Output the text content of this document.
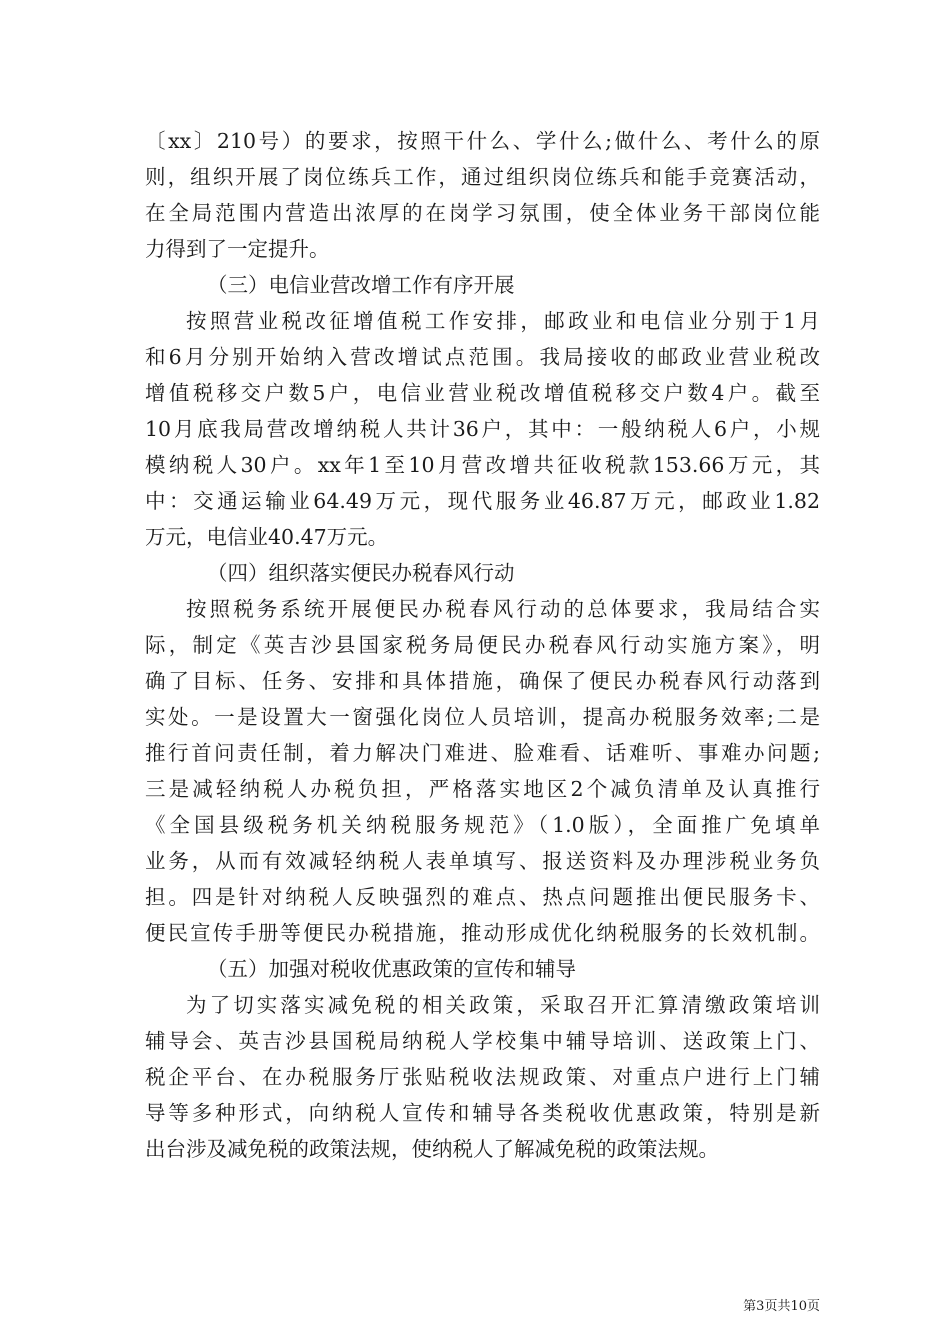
〔xx〕210号）的要求，按照干什么、学什么;做什么、考什么的原
则，组织开展了岗位练兵工作，通过组织岗位练兵和能手竞赛活动，
在全局范围内营造出浓厚的在岗学习氛围，使全体业务干部岗位能
力得到了一定提升。
（三）电信业营改增工作有序开展
按照营业税改征增值税工作安排，邮政业和电信业分别于1月
和6月分别开始纳入营改增试点范围。我局接收的邮政业营业税改
增值税移交户数5户，电信业营业税改增值税移交户数4户。截至
10月底我局营改增纳税人共计36户，其中：一般纳税人6户，小规
模纳税人30户。xx年1至10月营改增共征收税款153.66万元，其
中：交通运输业64.49万元，现代服务业46.87万元，邮政业1.82
万元，电信业40.47万元。
（四）组织落实便民办税春风行动
按照税务系统开展便民办税春风行动的总体要求，我局结合实
际，制定《英吉沙县国家税务局便民办税春风行动实施方案》，明
确了目标、任务、安排和具体措施，确保了便民办税春风行动落到
实处。一是设置大一窗强化岗位人员培训，提高办税服务效率;二是
推行首问责任制，着力解决门难进、脸难看、话难听、事难办问题;
三是减轻纳税人办税负担，严格落实地区2个减负清单及认真推行
《全国县级税务机关纳税服务规范》（1.0版），全面推广免填单
业务，从而有效减轻纳税人表单填写、报送资料及办理涉税业务负
担。四是针对纳税人反映强烈的难点、热点问题推出便民服务卡、
便民宣传手册等便民办税措施，推动形成优化纳税服务的长效机制。
（五）加强对税收优惠政策的宣传和辅导
为了切实落实减免税的相关政策，采取召开汇算清缴政策培训
辅导会、英吉沙县国税局纳税人学校集中辅导培训、送政策上门、
税企平台、在办税服务厅张贴税收法规政策、对重点户进行上门辅
导等多种形式，向纳税人宣传和辅导各类税收优惠政策，特别是新
出台涉及减免税的政策法规，使纳税人了解减免税的政策法规。
第3页共10页
